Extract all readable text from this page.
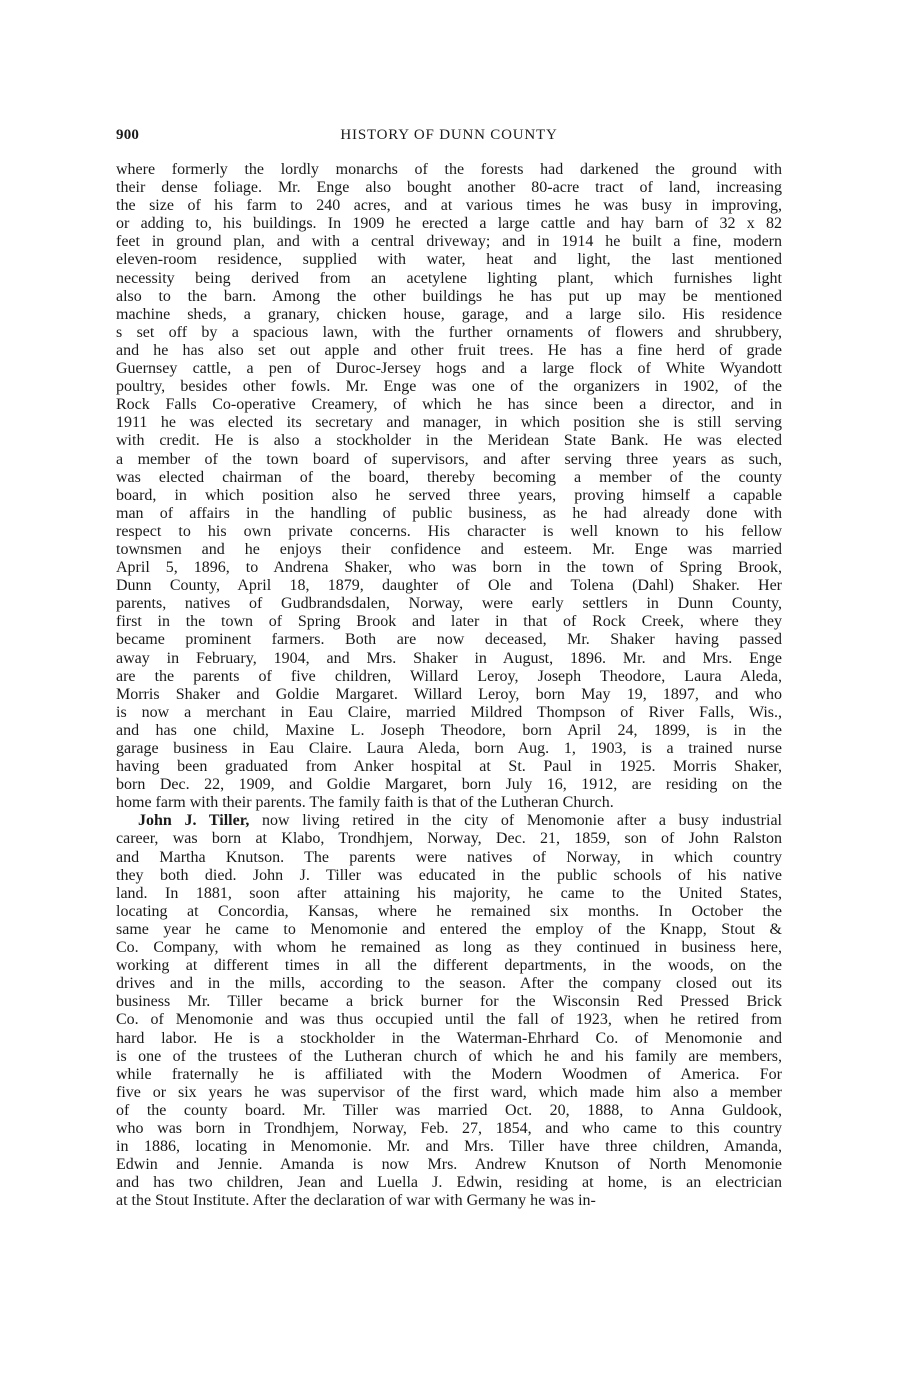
900	HISTORY OF DUNN COUNTY
where formerly the lordly monarchs of the forests had darkened the ground with
their dense foliage. Mr. Enge also bought another 80-acre tract of land, increasing
the size of his farm to 240 acres, and at various times he was busy in improving,
or adding to, his buildings. In 1909 he erected a large cattle and hay barn of 32 x 82
feet in ground plan, and with a central driveway; and in 1914 he built a fine, modern
eleven-room residence, supplied with water, heat and light, the last mentioned
necessity being derived from an acetylene lighting plant, which furnishes light
also to the barn. Among the other buildings he has put up may be mentioned
machine sheds, a granary, chicken house, garage, and a large silo. His residence
s set off by a spacious lawn, with the further ornaments of flowers and shrubbery,
and he has also set out apple and other fruit trees. He has a fine herd of grade
Guernsey cattle, a pen of Duroc-Jersey hogs and a large flock of White Wyandott
poultry, besides other fowls. Mr. Enge was one of the organizers in 1902, of the
Rock Falls Co-operative Creamery, of which he has since been a director, and in
1911 he was elected its secretary and manager, in which position she is still serving
with credit. He is also a stockholder in the Meridean State Bank. He was elected
a member of the town board of supervisors, and after serving three years as such,
was elected chairman of the board, thereby becoming a member of the county
board, in which position also he served three years, proving himself a capable
man of affairs in the handling of public business, as he had already done with
respect to his own private concerns. His character is well known to his fellow
townsmen and he enjoys their confidence and esteem. Mr. Enge was married
April 5, 1896, to Andrena Shaker, who was born in the town of Spring Brook,
Dunn County, April 18, 1879, daughter of Ole and Tolena (Dahl) Shaker. Her
parents, natives of Gudbrandsdalen, Norway, were early settlers in Dunn County,
first in the town of Spring Brook and later in that of Rock Creek, where they
became prominent farmers. Both are now deceased, Mr. Shaker having passed
away in February, 1904, and Mrs. Shaker in August, 1896. Mr. and Mrs. Enge
are the parents of five children, Willard Leroy, Joseph Theodore, Laura Aleda,
Morris Shaker and Goldie Margaret. Willard Leroy, born May 19, 1897, and who
is now a merchant in Eau Claire, married Mildred Thompson of River Falls, Wis.,
and has one child, Maxine L. Joseph Theodore, born April 24, 1899, is in the
garage business in Eau Claire. Laura Aleda, born Aug. 1, 1903, is a trained nurse
having been graduated from Anker hospital at St. Paul in 1925. Morris Shaker,
born Dec. 22, 1909, and Goldie Margaret, born July 16, 1912, are residing on the
home farm with their parents. The family faith is that of the Lutheran Church.
John J. Tiller, now living retired in the city of Menomonie after a busy industrial
career, was born at Klabo, Trondhjem, Norway, Dec. 21, 1859, son of John Ralston
and Martha Knutson. The parents were natives of Norway, in which country
they both died. John J. Tiller was educated in the public schools of his native
land. In 1881, soon after attaining his majority, he came to the United States,
locating at Concordia, Kansas, where he remained six months. In October the
same year he came to Menomonie and entered the employ of the Knapp, Stout &
Co. Company, with whom he remained as long as they continued in business here,
working at different times in all the different departments, in the woods, on the
drives and in the mills, according to the season. After the company closed out its
business Mr. Tiller became a brick burner for the Wisconsin Red Pressed Brick
Co. of Menomonie and was thus occupied until the fall of 1923, when he retired from
hard labor. He is a stockholder in the Waterman-Ehrhard Co. of Menomonie and
is one of the trustees of the Lutheran church of which he and his family are members,
while fraternally he is affiliated with the Modern Woodmen of America. For
five or six years he was supervisor of the first ward, which made him also a member
of the county board. Mr. Tiller was married Oct. 20, 1888, to Anna Guldook,
who was born in Trondhjem, Norway, Feb. 27, 1854, and who came to this country
in 1886, locating in Menomonie. Mr. and Mrs. Tiller have three children, Amanda,
Edwin and Jennie. Amanda is now Mrs. Andrew Knutson of North Menomonie
and has two children, Jean and Luella J. Edwin, residing at home, is an electrician
at the Stout Institute. After the declaration of war with Germany he was in-
